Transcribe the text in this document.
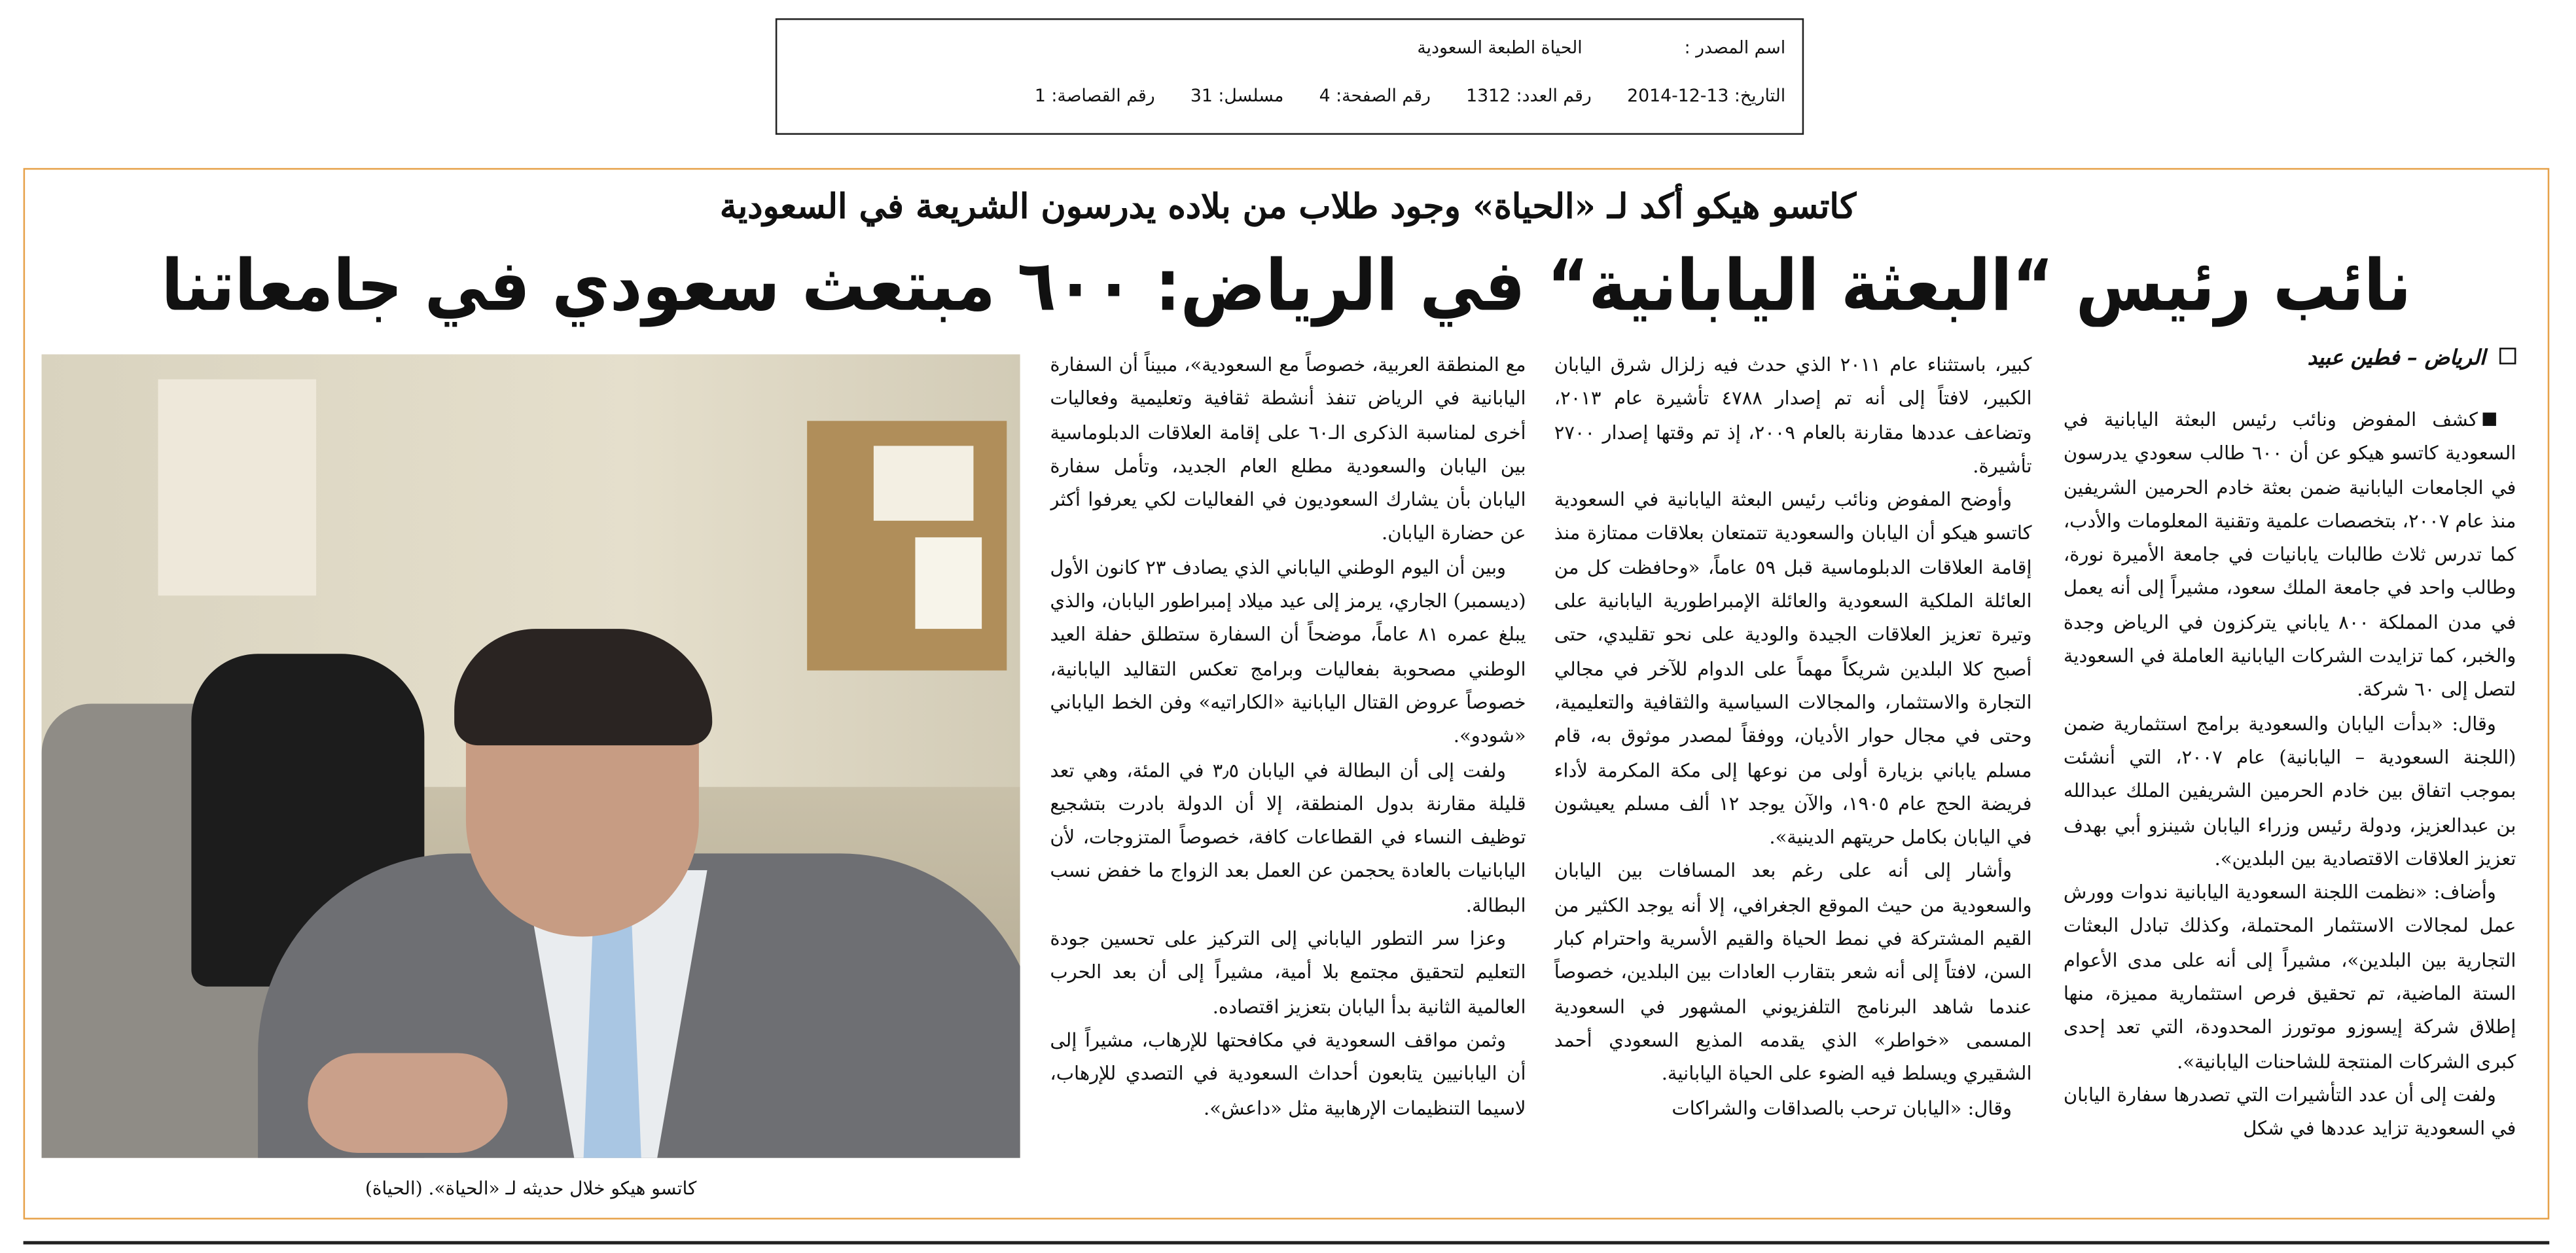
اسم المصدر : الحياة الطبعة السعودية
التاريخ: 13-12-2014 رقم العدد: 1312 رقم الصفحة: 4 مسلسل: 31 رقم القصاصة: 1
كاتسو هيكو أكد لـ «الحياة» وجود طلاب من بلاده يدرسون الشريعة في السعودية
نائب رئيس “البعثة اليابانية“ في الرياض: ٦٠٠ مبتعث سعودي في جامعاتنا
الرياض – فطين عبيد

كشف المفوض ونائب رئيس البعثة اليابانية في السعودية كاتسو هيكو عن أن ٦٠٠ طالب سعودي يدرسون في الجامعات اليابانية ضمن بعثة خادم الحرمين الشريفين منذ عام ٢٠٠٧، بتخصصات علمية وتقنية المعلومات والأدب، كما تدرس ثلاث طالبات يابانيات في جامعة الأميرة نورة، وطالب واحد في جامعة الملك سعود، مشيراً إلى أنه يعمل في مدن المملكة ٨٠٠ ياباني يتركزون في الرياض وجدة والخبر، كما تزايدت الشركات اليابانية العاملة في السعودية لتصل إلى ٦٠ شركة.

وقال: «بدأت اليابان والسعودية برامج استثمارية ضمن (اللجنة السعودية – اليابانية) عام ٢٠٠٧، التي أنشئت بموجب اتفاق بين خادم الحرمين الشريفين الملك عبدالله بن عبدالعزيز، ودولة رئيس وزراء اليابان شينزو أبي بهدف تعزيز العلاقات الاقتصادية بين البلدين».

وأضاف: «نظمت اللجنة السعودية اليابانية ندوات وورش عمل لمجالات الاستثمار المحتملة، وكذلك تبادل البعثات التجارية بين البلدين»، مشيراً إلى أنه على مدى الأعوام الستة الماضية، تم تحقيق فرص استثمارية مميزة، منها إطلاق شركة إيسوزو موتورز المحدودة، التي تعد إحدى كبرى الشركات المنتجة للشاحنات اليابانية».

ولفت إلى أن عدد التأشيرات التي تصدرها سفارة اليابان في السعودية تزايد عددها في شكل

كبير، باستثناء عام ٢٠١١ الذي حدث فيه زلزال شرق اليابان الكبير، لافتاً إلى أنه تم إصدار ٤٧٨٨ تأشيرة عام ٢٠١٣، وتضاعف عددها مقارنة بالعام ٢٠٠٩، إذ تم وقتها إصدار ٢٧٠٠ تأشيرة.

وأوضح المفوض ونائب رئيس البعثة اليابانية في السعودية كاتسو هيكو أن اليابان والسعودية تتمتعان بعلاقات ممتازة منذ إقامة العلاقات الدبلوماسية قبل ٥٩ عاماً، «وحافظت كل من العائلة الملكية السعودية والعائلة الإمبراطورية اليابانية على وتيرة تعزيز العلاقات الجيدة والودية على نحو تقليدي، حتى أصبح كلا البلدين شريكاً مهماً على الدوام للآخر في مجالي التجارة والاستثمار، والمجالات السياسية والثقافية والتعليمية، وحتى في مجال حوار الأديان، ووفقاً لمصدر موثوق به، قام مسلم ياباني بزيارة أولى من نوعها إلى مكة المكرمة لأداء فريضة الحج عام ١٩٠٥، والآن يوجد ١٢ ألف مسلم يعيشون في اليابان بكامل حريتهم الدينية».

وأشار إلى أنه على رغم بعد المسافات بين اليابان والسعودية من حيث الموقع الجغرافي، إلا أنه يوجد الكثير من القيم المشتركة في نمط الحياة والقيم الأسرية واحترام كبار السن، لافتاً إلى أنه شعر بتقارب العادات بين البلدين، خصوصاً عندما شاهد البرنامج التلفزيوني المشهور في السعودية المسمى «خواطر» الذي يقدمه المذيع السعودي أحمد الشقيري ويسلط فيه الضوء على الحياة اليابانية.

وقال: «اليابان ترحب بالصداقات والشراكات

مع المنطقة العربية، خصوصاً مع السعودية»، مبيناً أن السفارة اليابانية في الرياض تنفذ أنشطة ثقافية وتعليمية وفعاليات أخرى لمناسبة الذكرى الـ٦٠ على إقامة العلاقات الدبلوماسية بين اليابان والسعودية مطلع العام الجديد، وتأمل سفارة اليابان بأن يشارك السعوديون في الفعاليات لكي يعرفوا أكثر عن حضارة اليابان.

وبين أن اليوم الوطني الياباني الذي يصادف ٢٣ كانون الأول (ديسمبر) الجاري، يرمز إلى عيد ميلاد إمبراطور اليابان، والذي يبلغ عمره ٨١ عاماً، موضحاً أن السفارة ستطلق حفلة العيد الوطني مصحوبة بفعاليات وبرامج تعكس التقاليد اليابانية، خصوصاً عروض القتال اليابانية «الكاراتيه» وفن الخط الياباني «شودو».

ولفت إلى أن البطالة في اليابان ٣٫٥ في المئة، وهي تعد قليلة مقارنة بدول المنطقة، إلا أن الدولة بادرت بتشجيع توظيف النساء في القطاعات كافة، خصوصاً المتزوجات، لأن اليابانيات بالعادة يحجمن عن العمل بعد الزواج ما خفض نسب البطالة.

وعزا سر التطور الياباني إلى التركيز على تحسين جودة التعليم لتحقيق مجتمع بلا أمية، مشيراً إلى أن بعد الحرب العالمية الثانية بدأ اليابان بتعزيز اقتصاده.

وثمن مواقف السعودية في مكافحتها للإرهاب، مشيراً إلى أن اليابانيين يتابعون أحداث السعودية في التصدي للإرهاب، لاسيما التنظيمات الإرهابية مثل «داعش».

كاتسو هيكو خلال حديثه لـ «الحياة». (الحياة)
